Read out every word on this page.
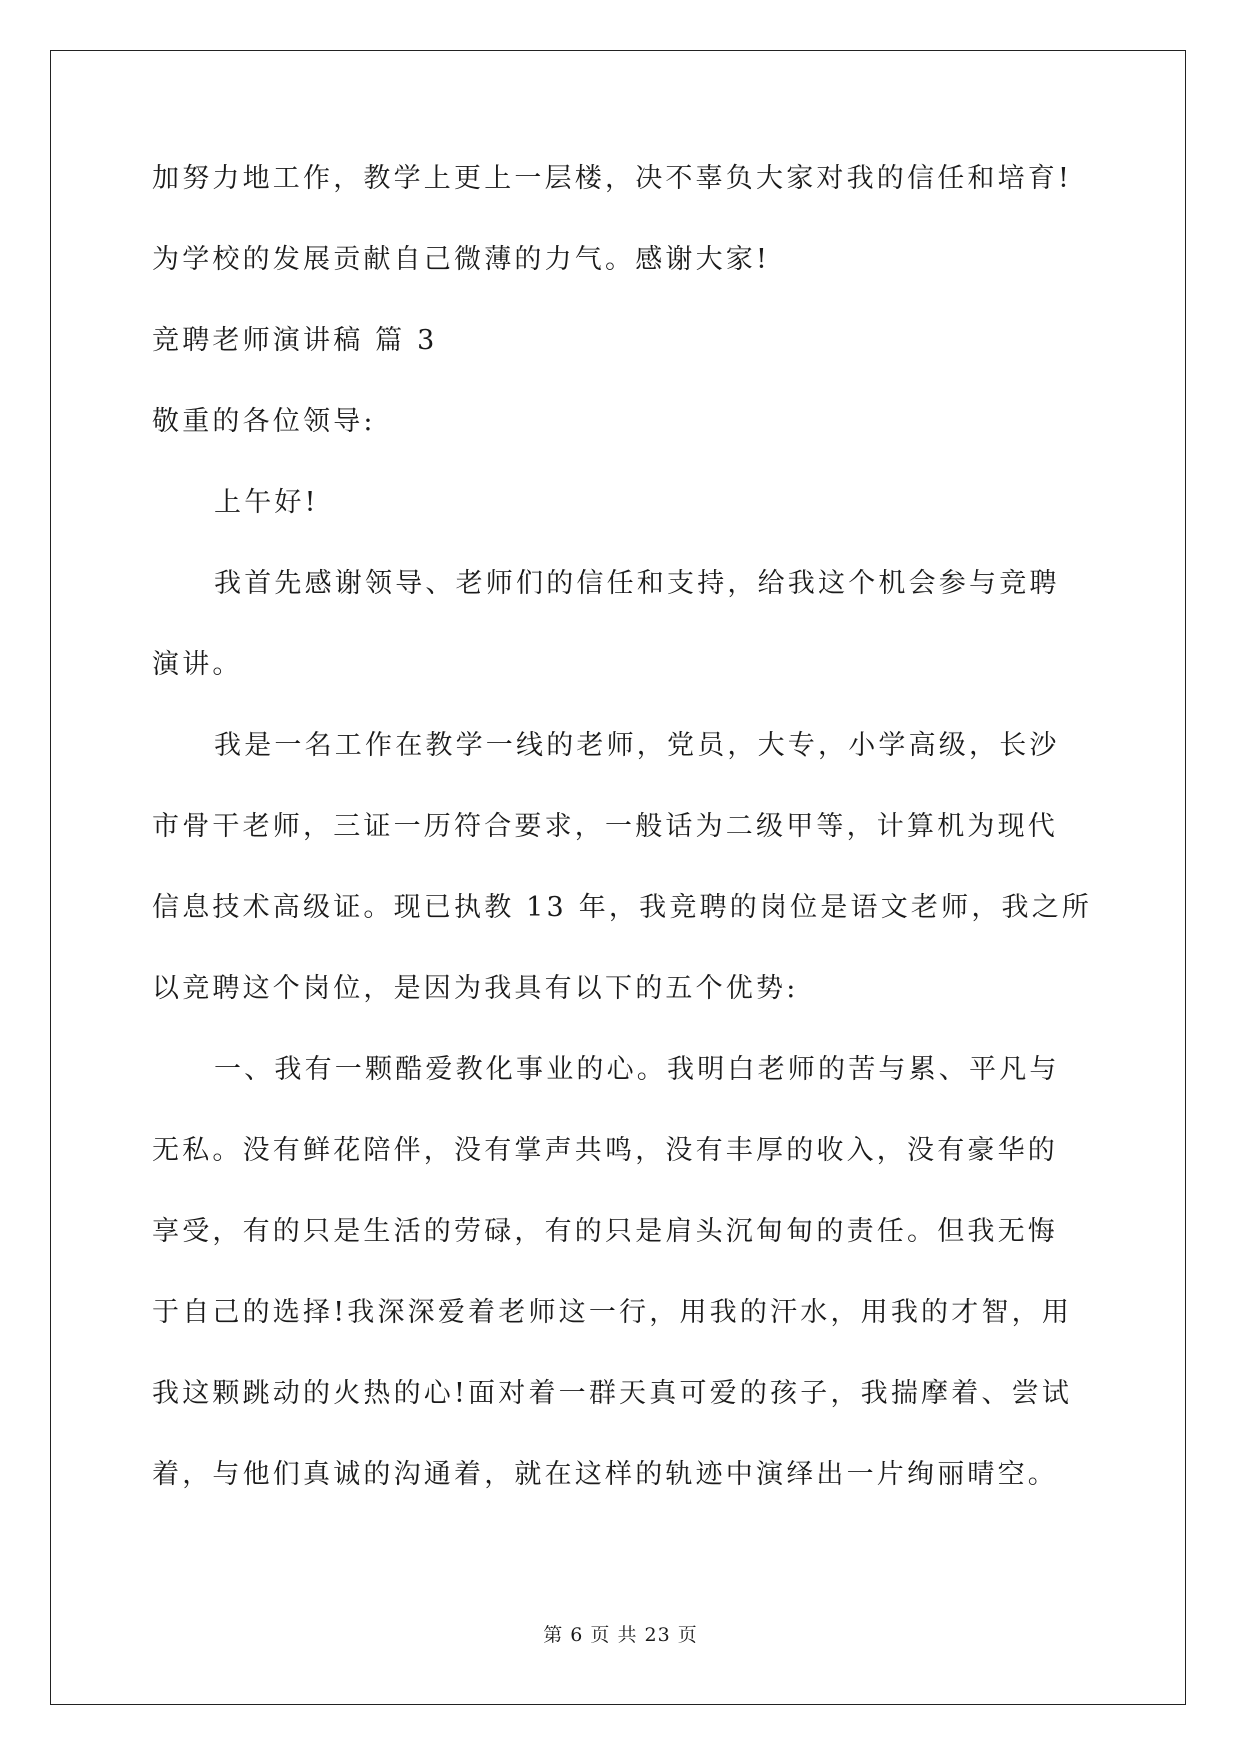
加努力地工作，教学上更上一层楼，决不辜负大家对我的信任和培育!
为学校的发展贡献自己微薄的力气。感谢大家!
竞聘老师演讲稿 篇 3
敬重的各位领导:
上午好!
我首先感谢领导、老师们的信任和支持，给我这个机会参与竞聘
演讲。
我是一名工作在教学一线的老师，党员，大专，小学高级，长沙
市骨干老师，三证一历符合要求，一般话为二级甲等，计算机为现代
信息技术高级证。现已执教 13 年，我竞聘的岗位是语文老师，我之所
以竞聘这个岗位，是因为我具有以下的五个优势:
一、我有一颗酷爱教化事业的心。我明白老师的苦与累、平凡与
无私。没有鲜花陪伴，没有掌声共鸣，没有丰厚的收入，没有豪华的
享受，有的只是生活的劳碌，有的只是肩头沉甸甸的责任。但我无悔
于自己的选择!我深深爱着老师这一行，用我的汗水，用我的才智，用
我这颗跳动的火热的心!面对着一群天真可爱的孩子，我揣摩着、尝试
着，与他们真诚的沟通着，就在这样的轨迹中演绎出一片绚丽晴空。
第 6 页 共 23 页
